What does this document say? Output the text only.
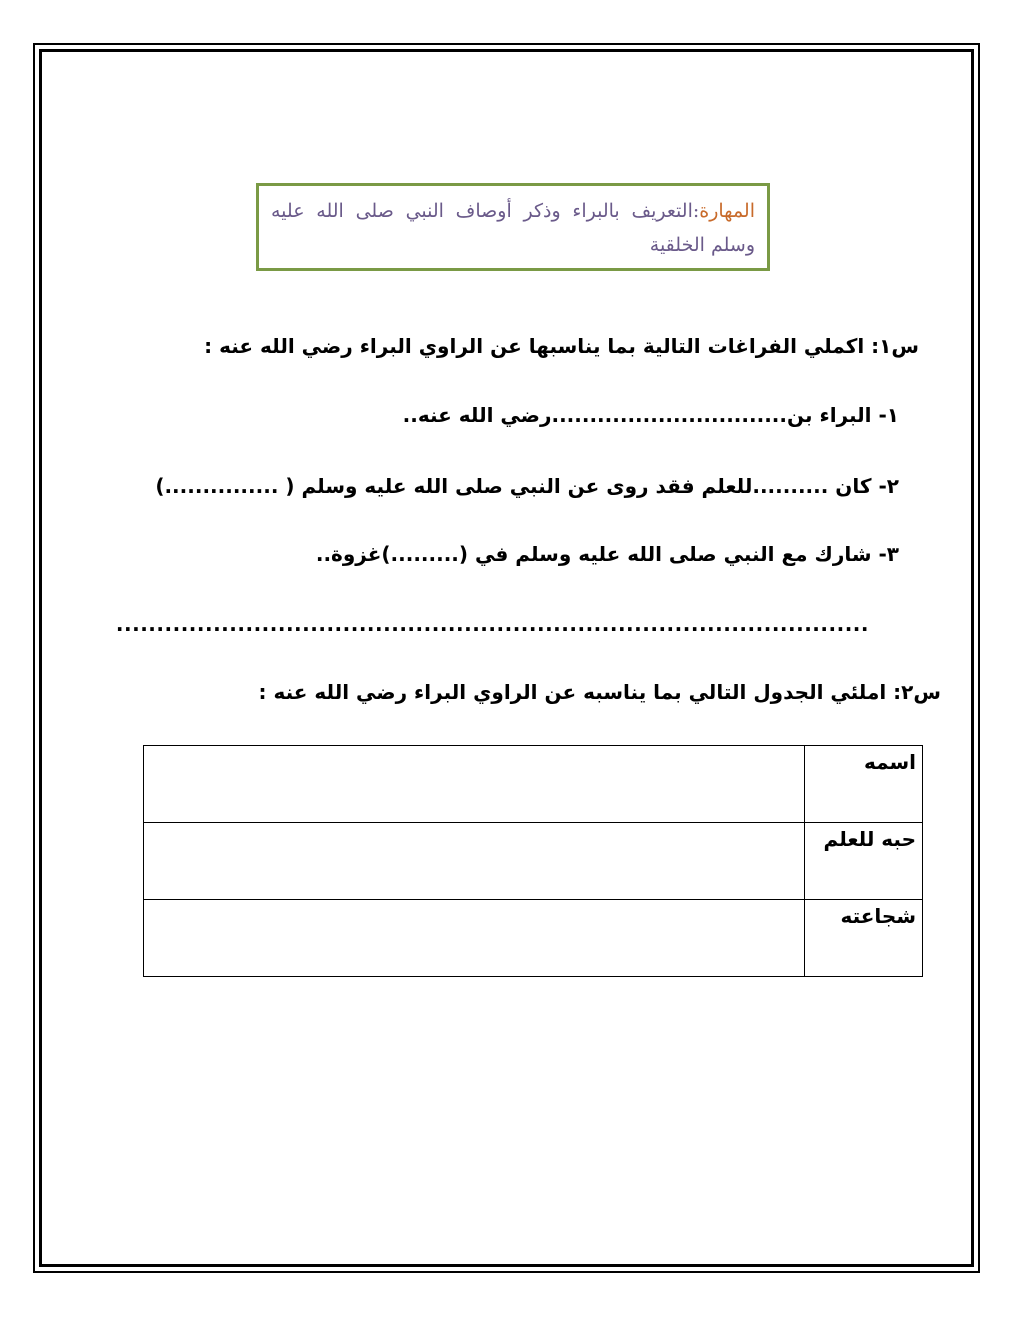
المهارة:التعريف بالبراء وذكر أوصاف النبي صلى الله عليه وسلم الخلقية
س١: اكملي الفراغات التالية بما يناسبها عن الراوي البراء رضي الله عنه :
١- البراء بن...............................رضي الله عنه..
٢- كان ..........للعلم فقد روى عن النبي صلى الله عليه وسلم ( ...............)
٣- شارك مع النبي صلى الله عليه وسلم في (.........)غزوة..
.............................................................................................
س٢: املئي الجدول التالي بما يناسبه عن الراوي البراء رضي الله عنه :
اسمه	
حبه للعلم	
شجاعته	
